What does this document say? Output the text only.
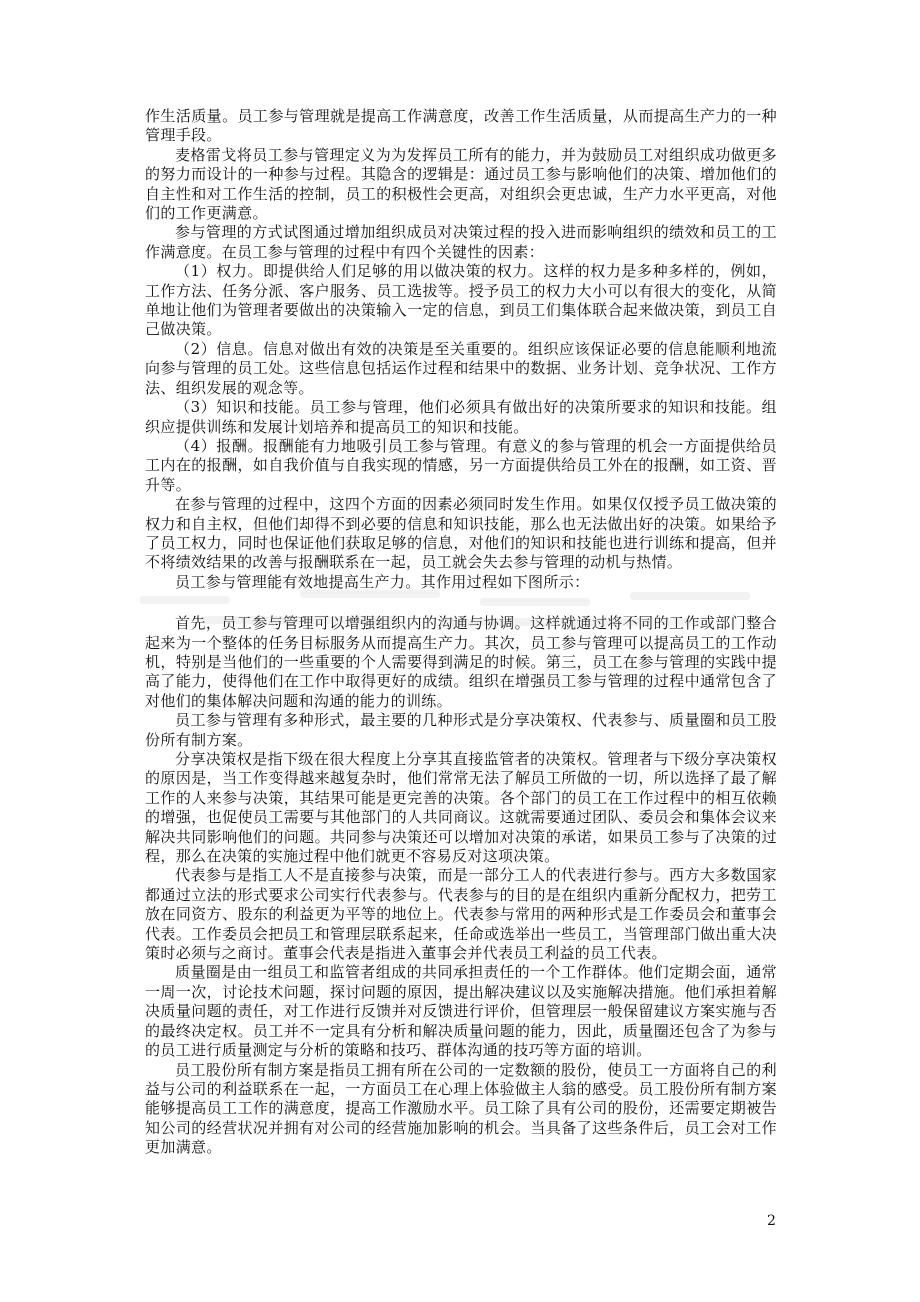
作生活质量。员工参与管理就是提高工作满意度，改善工作生活质量，从而提高生产力的一种管理手段。

麦格雷戈将员工参与管理定义为为发挥员工所有的能力，并为鼓励员工对组织成功做更多的努力而设计的一种参与过程。其隐含的逻辑是：通过员工参与影响他们的决策、增加他们的自主性和对工作生活的控制，员工的积极性会更高，对组织会更忠诚，生产力水平更高，对他们的工作更满意。

参与管理的方式试图通过增加组织成员对决策过程的投入进而影响组织的绩效和员工的工作满意度。在员工参与管理的过程中有四个关键性的因素：

（1）权力。即提供给人们足够的用以做决策的权力。这样的权力是多种多样的，例如，工作方法、任务分派、客户服务、员工选拔等。授予员工的权力大小可以有很大的变化，从简单地让他们为管理者要做出的决策输入一定的信息，到员工们集体联合起来做决策，到员工自己做决策。

（2）信息。信息对做出有效的决策是至关重要的。组织应该保证必要的信息能顺利地流向参与管理的员工处。这些信息包括运作过程和结果中的数据、业务计划、竞争状况、工作方法、组织发展的观念等。

（3）知识和技能。员工参与管理，他们必须具有做出好的决策所要求的知识和技能。组织应提供训练和发展计划培养和提高员工的知识和技能。

（4）报酬。报酬能有力地吸引员工参与管理。有意义的参与管理的机会一方面提供给员工内在的报酬，如自我价值与自我实现的情感，另一方面提供给员工外在的报酬，如工资、晋升等。

在参与管理的过程中，这四个方面的因素必须同时发生作用。如果仅仅授予员工做决策的权力和自主权，但他们却得不到必要的信息和知识技能，那么也无法做出好的决策。如果给予了员工权力，同时也保证他们获取足够的信息，对他们的知识和技能也进行训练和提高，但并不将绩效结果的改善与报酬联系在一起，员工就会失去参与管理的动机与热情。

员工参与管理能有效地提高生产力。其作用过程如下图所示：

首先，员工参与管理可以增强组织内的沟通与协调。这样就通过将不同的工作或部门整合起来为一个整体的任务目标服务从而提高生产力。其次，员工参与管理可以提高员工的工作动机，特别是当他们的一些重要的个人需要得到满足的时候。第三，员工在参与管理的实践中提高了能力，使得他们在工作中取得更好的成绩。组织在增强员工参与管理的过程中通常包含了对他们的集体解决问题和沟通的能力的训练。

员工参与管理有多种形式，最主要的几种形式是分享决策权、代表参与、质量圈和员工股份所有制方案。

分享决策权是指下级在很大程度上分享其直接监管者的决策权。管理者与下级分享决策权的原因是，当工作变得越来越复杂时，他们常常无法了解员工所做的一切，所以选择了最了解工作的人来参与决策，其结果可能是更完善的决策。各个部门的员工在工作过程中的相互依赖的增强，也促使员工需要与其他部门的人共同商议。这就需要通过团队、委员会和集体会议来解决共同影响他们的问题。共同参与决策还可以增加对决策的承诺，如果员工参与了决策的过程，那么在决策的实施过程中他们就更不容易反对这项决策。

代表参与是指工人不是直接参与决策，而是一部分工人的代表进行参与。西方大多数国家都通过立法的形式要求公司实行代表参与。代表参与的目的是在组织内重新分配权力，把劳工放在同资方、股东的利益更为平等的地位上。代表参与常用的两种形式是工作委员会和董事会代表。工作委员会把员工和管理层联系起来，任命或选举出一些员工，当管理部门做出重大决策时必须与之商讨。董事会代表是指进入董事会并代表员工利益的员工代表。

质量圈是由一组员工和监管者组成的共同承担责任的一个工作群体。他们定期会面，通常一周一次，讨论技术问题，探讨问题的原因，提出解决建议以及实施解决措施。他们承担着解决质量问题的责任，对工作进行反馈并对反馈进行评价，但管理层一般保留建议方案实施与否的最终决定权。员工并不一定具有分析和解决质量问题的能力，因此，质量圈还包含了为参与的员工进行质量测定与分析的策略和技巧、群体沟通的技巧等方面的培训。

员工股份所有制方案是指员工拥有所在公司的一定数额的股份，使员工一方面将自己的利益与公司的利益联系在一起，一方面员工在心理上体验做主人翁的感受。员工股份所有制方案能够提高员工工作的满意度，提高工作激励水平。员工除了具有公司的股份，还需要定期被告知公司的经营状况并拥有对公司的经营施加影响的机会。当具备了这些条件后，员工会对工作更加满意。

2
